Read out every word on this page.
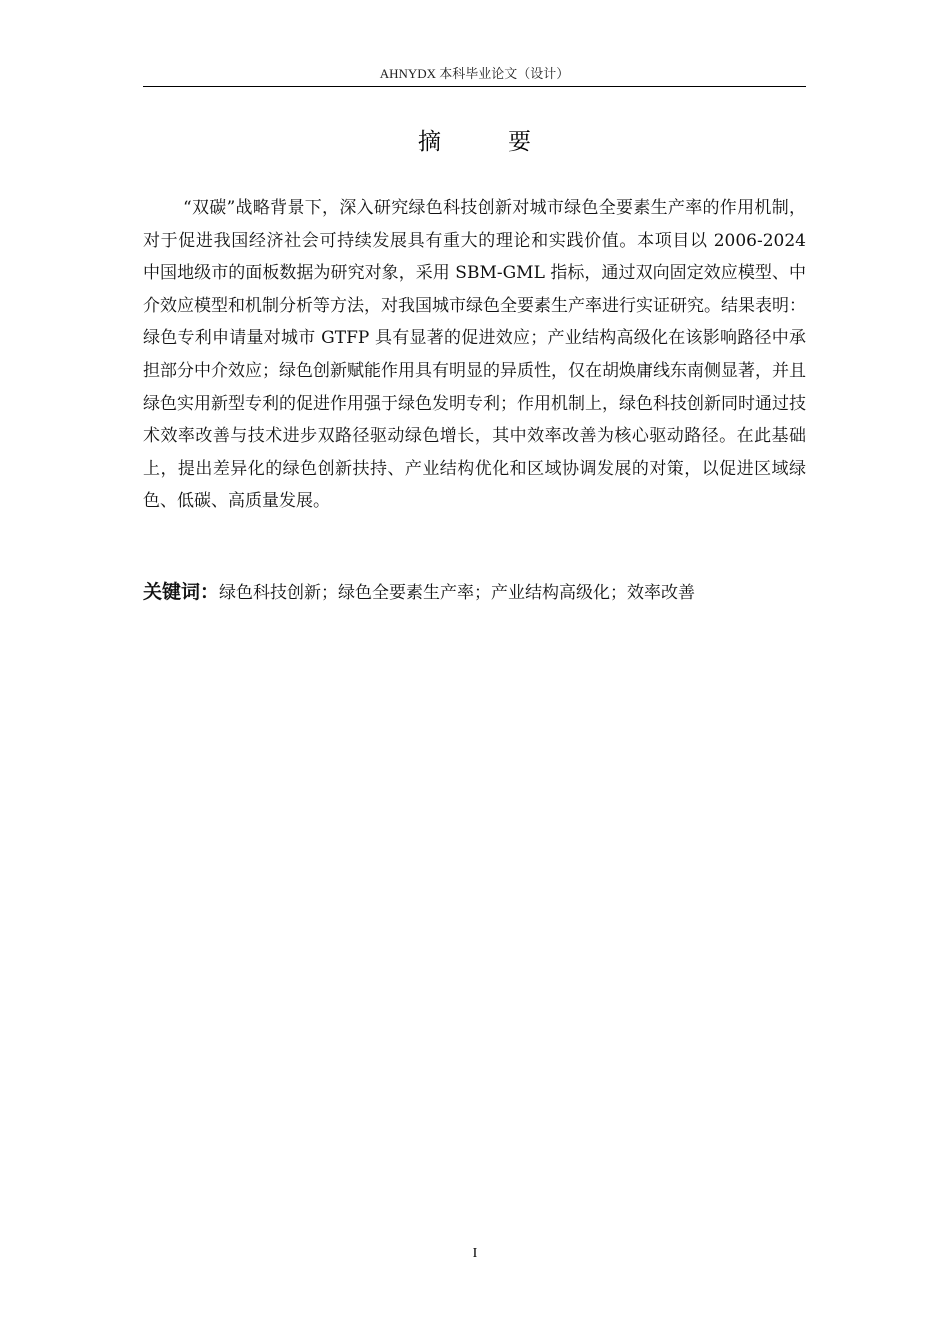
AHNYDX 本科毕业论文（设计）
摘　要

“双碳”战略背景下，深入研究绿色科技创新对城市绿色全要素生产率的作用机制，对于促进我国经济社会可持续发展具有重大的理论和实践价值。本项目以 2006-2024 中国地级市的面板数据为研究对象，采用 SBM-GML 指标，通过双向固定效应模型、中介效应模型和机制分析等方法，对我国城市绿色全要素生产率进行实证研究。结果表明：绿色专利申请量对城市 GTFP 具有显著的促进效应；产业结构高级化在该影响路径中承担部分中介效应；绿色创新赋能作用具有明显的异质性，仅在胡焕庸线东南侧显著，并且绿色实用新型专利的促进作用强于绿色发明专利；作用机制上，绿色科技创新同时通过技术效率改善与技术进步双路径驱动绿色增长，其中效率改善为核心驱动路径。在此基础上，提出差异化的绿色创新扶持、产业结构优化和区域协调发展的对策，以促进区域绿色、低碳、高质量发展。

关键词：绿色科技创新；绿色全要素生产率；产业结构高级化；效率改善
I
